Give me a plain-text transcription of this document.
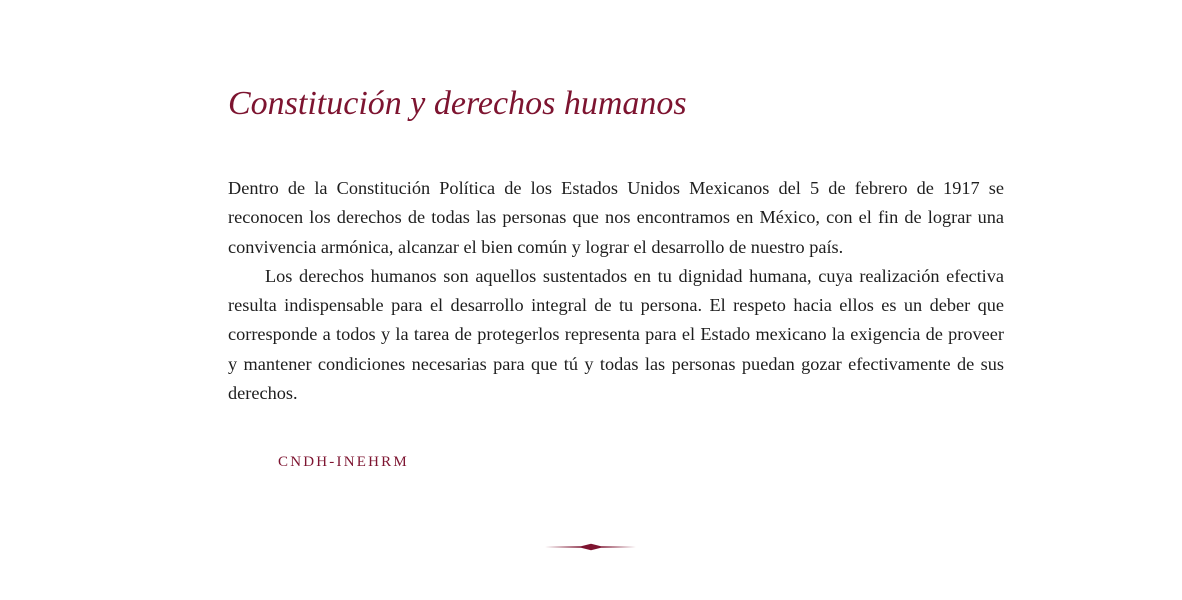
Constitución y derechos humanos

Dentro de la Constitución Política de los Estados Unidos Mexicanos del 5 de febrero de 1917 se reconocen los derechos de todas las personas que nos encontramos en México, con el fin de lograr una convivencia armónica, alcanzar el bien común y lograr el desarrollo de nuestro país.

Los derechos humanos son aquellos sustentados en tu dignidad humana, cuya realización efectiva resulta indispensable para el desarrollo integral de tu persona. El respeto hacia ellos es un deber que corresponde a todos y la tarea de protegerlos representa para el Estado mexicano la exigencia de proveer y mantener condiciones necesarias para que tú y todas las personas puedan gozar efectivamente de sus derechos.

CNDH-INEHRM
